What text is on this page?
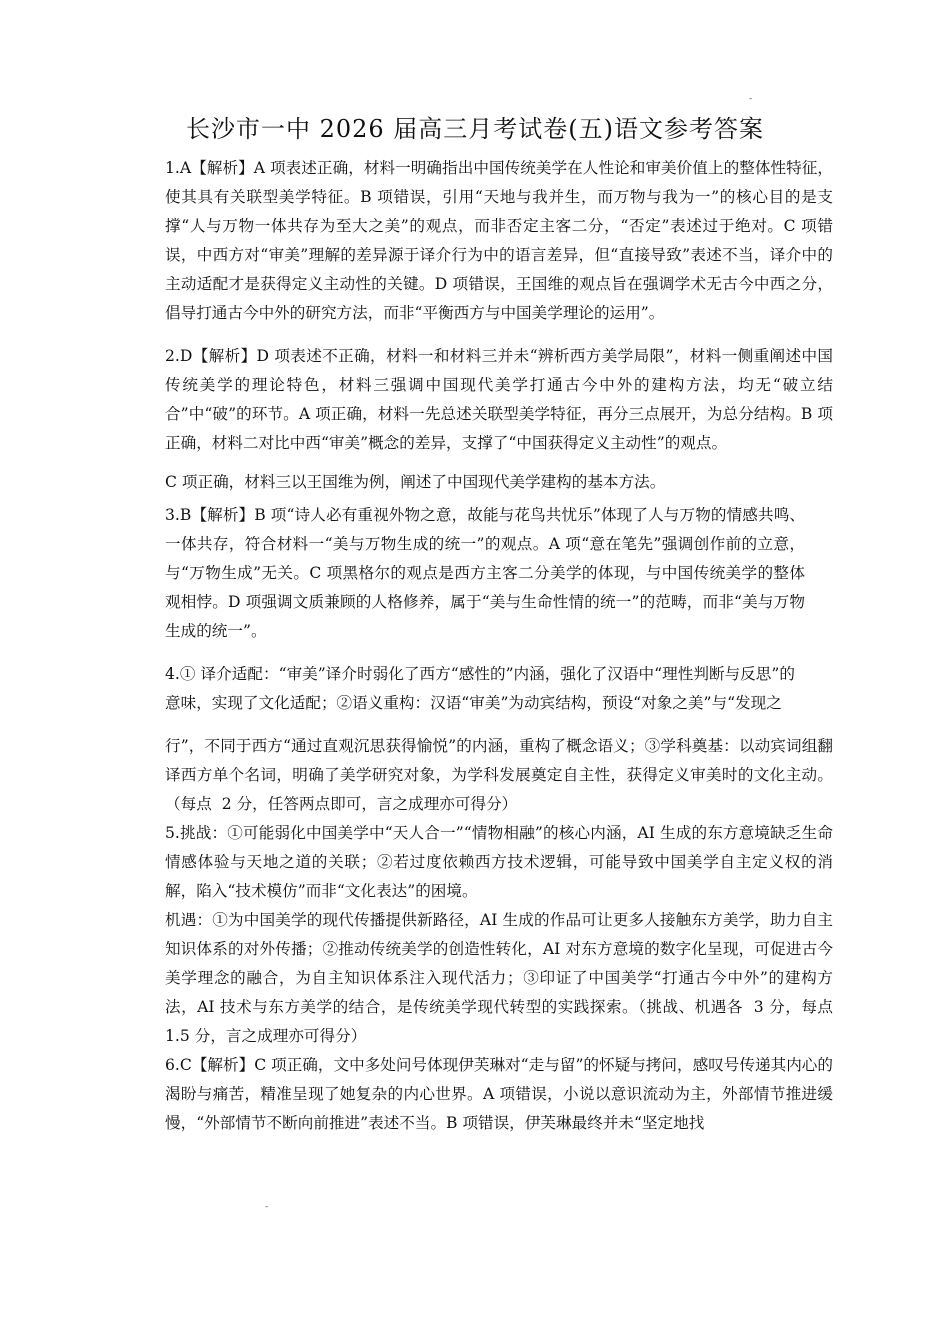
-
长沙市一中 2026 届高三月考试卷(五)语文参考答案

1.A【解析】A 项表述正确，材料一明确指出中国传统美学在人性论和审美价值上的整体性特征，使其具有关联型美学特征。B 项错误，引用“天地与我并生，而万物与我为一”的核心目的是支撑“人与万物一体共存为至大之美”的观点，而非否定主客二分，“否定”表述过于绝对。C 项错误，中西方对“审美”理解的差异源于译介行为中的语言差异，但“直接导致”表述不当，译介中的主动适配才是获得定义主动性的关键。D 项错误，王国维的观点旨在强调学术无古今中西之分，倡导打通古今中外的研究方法，而非“平衡西方与中国美学理论的运用”。

2.D【解析】D 项表述不正确，材料一和材料三并未“辨析西方美学局限”，材料一侧重阐述中国传统美学的理论特色，材料三强调中国现代美学打通古今中外的建构方法，均无“破立结合”中“破”的环节。A 项正确，材料一先总述关联型美学特征，再分三点展开，为总分结构。B 项正确，材料二对比中西“审美”概念的差异，支撑了“中国获得定义主动性”的观点。

C 项正确，材料三以王国维为例，阐述了中国现代美学建构的基本方法。

3.B【解析】B 项“诗人必有重视外物之意，故能与花鸟共忧乐”体现了人与万物的情感共鸣、一体共存，符合材料一“美与万物生成的统一”的观点。A 项“意在笔先”强调创作前的立意，与“万物生成”无关。C 项黑格尔的观点是西方主客二分美学的体现，与中国传统美学的整体观相悖。D 项强调文质兼顾的人格修养，属于“美与生命性情的统一”的范畴，而非“美与万物生成的统一”。

4.① 译介适配：“审美”译介时弱化了西方“感性的”内涵，强化了汉语中“理性判断与反思”的意味，实现了文化适配；②语义重构：汉语“审美”为动宾结构，预设“对象之美”与“发现之

行”，不同于西方“通过直观沉思获得愉悦”的内涵，重构了概念语义；③学科奠基：以动宾词组翻译西方单个名词，明确了美学研究对象，为学科发展奠定自主性，获得定义审美时的文化主动。（每点  2 分，任答两点即可，言之成理亦可得分）

5.挑战：①可能弱化中国美学中“天人合一”“情物相融”的核心内涵，AI 生成的东方意境缺乏生命情感体验与天地之道的关联；②若过度依赖西方技术逻辑，可能导致中国美学自主定义权的消解，陷入“技术模仿”而非“文化表达”的困境。

机遇：①为中国美学的现代传播提供新路径，AI 生成的作品可让更多人接触东方美学，助力自主知识体系的对外传播；②推动传统美学的创造性转化，AI 对东方意境的数字化呈现，可促进古今美学理念的融合，为自主知识体系注入现代活力；③印证了中国美学“打通古今中外”的建构方法，AI 技术与东方美学的结合，是传统美学现代转型的实践探索。（挑战、机遇各  3 分，每点  1.5 分，言之成理亦可得分）

6.C【解析】C 项正确，文中多处问号体现伊芙琳对“走与留”的怀疑与拷问，感叹号传递其内心的渴盼与痛苦，精准呈现了她复杂的内心世界。A 项错误，小说以意识流动为主，外部情节推进缓慢，“外部情节不断向前推进”表述不当。B 项错误，伊芙琳最终并未“坚定地找

-
